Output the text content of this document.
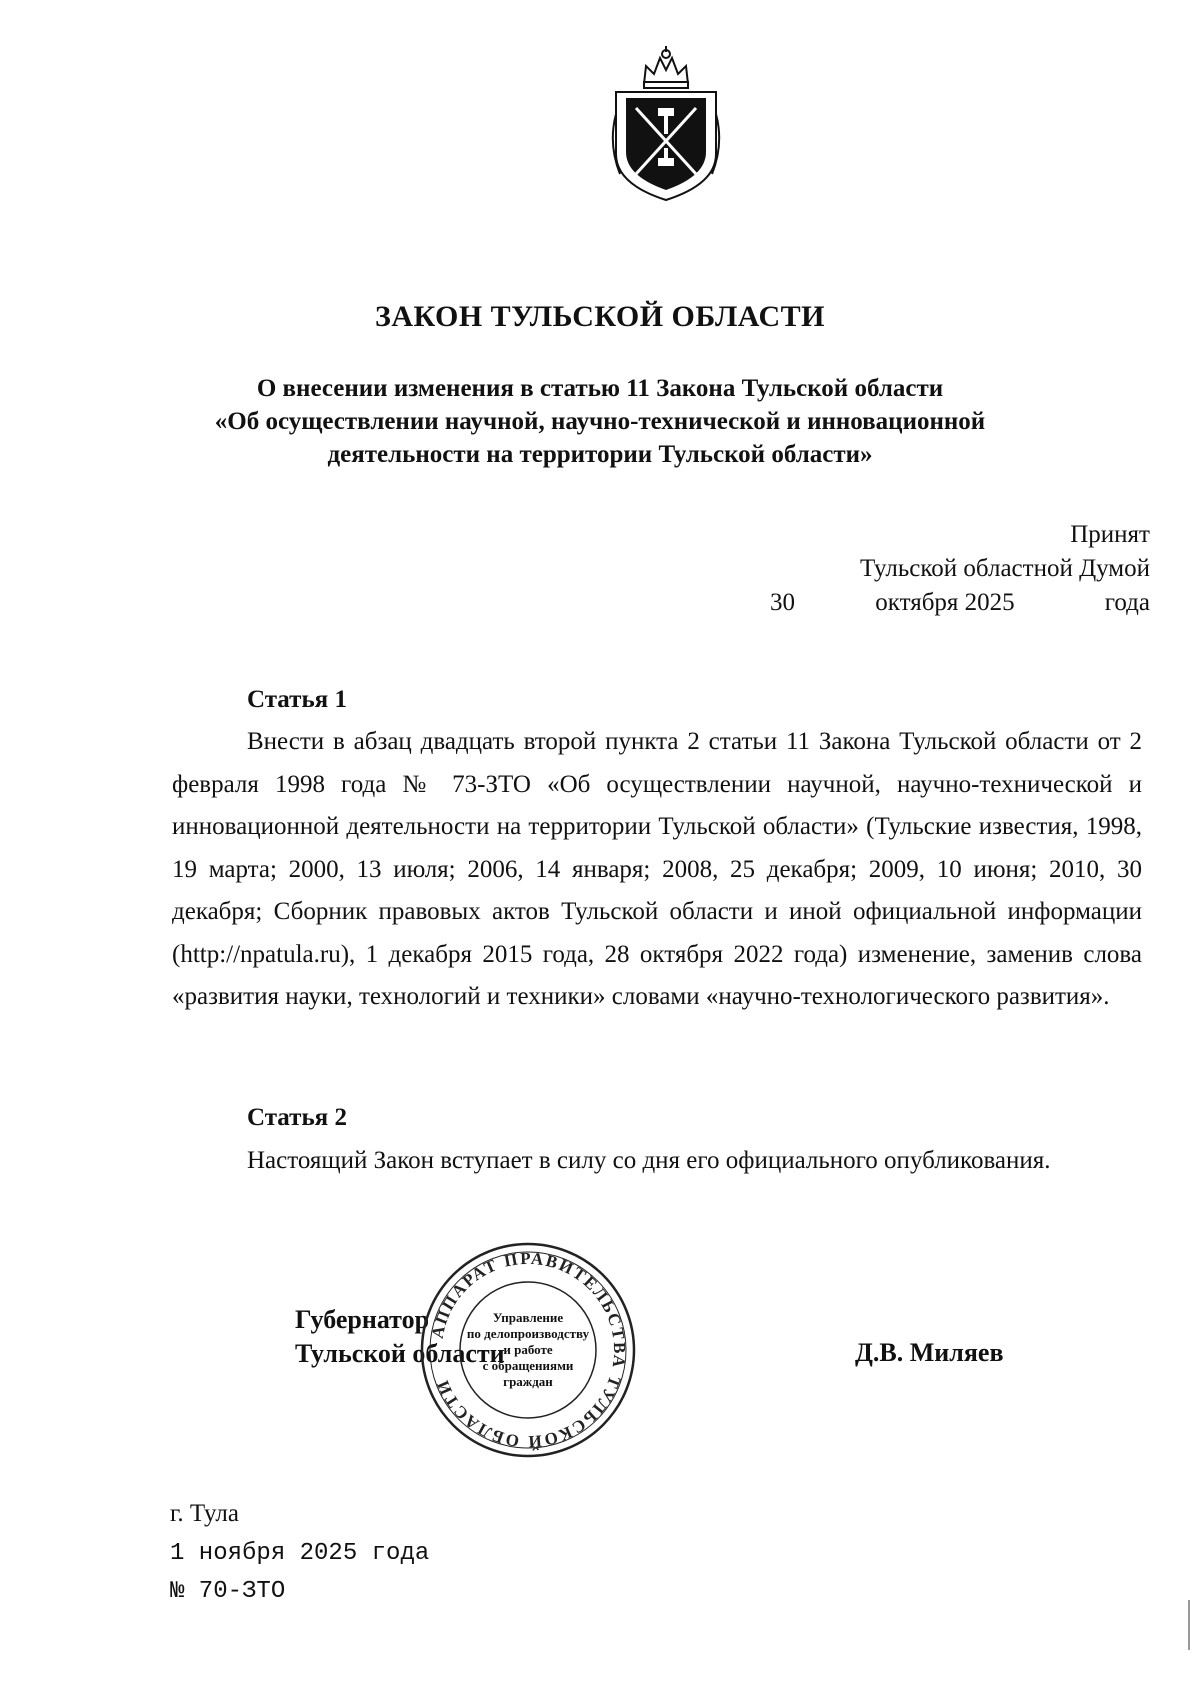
ЗАКОН ТУЛЬСКОЙ ОБЛАСТИ
О внесении изменения в статью 11 Закона Тульской области
«Об осуществлении научной, научно-технической и инновационной
деятельности на территории Тульской области»
Принят
Тульской областной Думой
30	октября 2025	года
Статья 1
Внести в абзац двадцать второй пункта 2 статьи 11 Закона Тульской области от 2 февраля 1998 года № 73-ЗТО «Об осуществлении научной, научно-технической и инновационной деятельности на территории Тульской области» (Тульские известия, 1998, 19 марта; 2000, 13 июля; 2006, 14 января; 2008, 25 декабря; 2009, 10 июня; 2010, 30 декабря; Сборник правовых актов Тульской области и иной официальной информации (http://npatula.ru), 1 декабря 2015 года, 28 октября 2022 года) изменение, заменив слова «развития науки, технологий и техники» словами «научно-технологического развития».
Статья 2
Настоящий Закон вступает в силу со дня его официального опубликования.
Губернатор
Тульской области
АППАРАТ ПРАВИТЕЛЬСТВА ТУЛЬСКОЙ ОБЛАСТИ
Управление
по делопроизводству
и работе
с обращениями
граждан
Д.В. Миляев
г. Тула
1 ноября 2025 года
№ 70-ЗТО
